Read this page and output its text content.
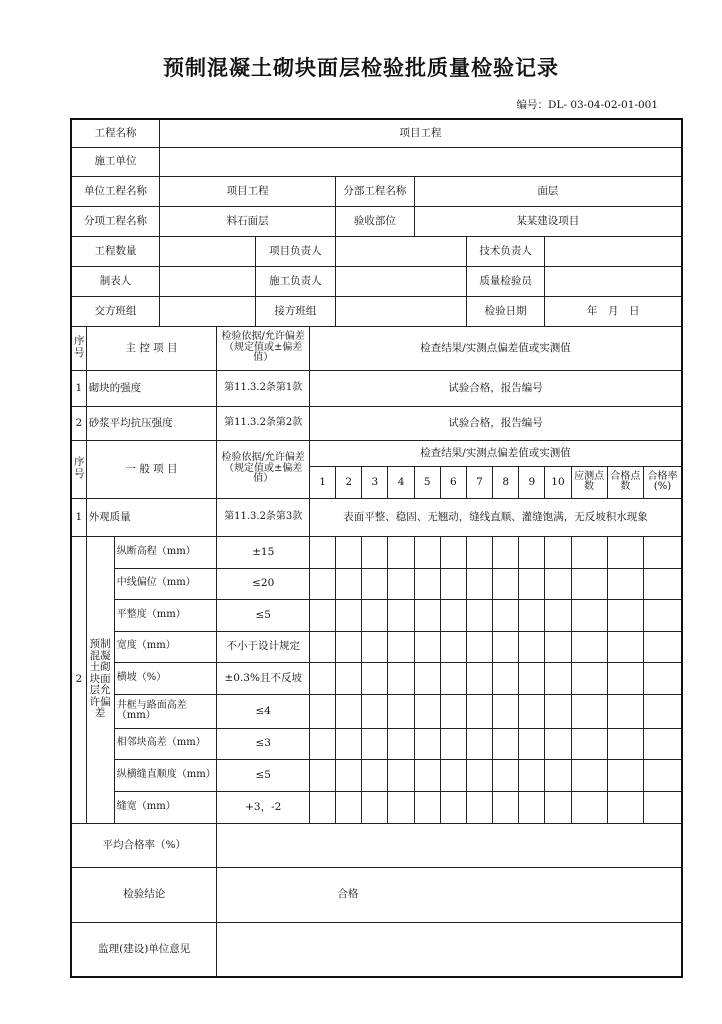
预制混凝土砌块面层检验批质量检验记录
编号：DL- 03-04-02-01-001
工程名称			项目工程															
施工单位																		
单位工程名称			项目工程				分部工程名称			面层								
分项工程名称			料石面层				验收部位			某某建设项目								
工程数量					项目负责人							技术负责人						
制表人					施工负责人							质量检验员						
交方班组					接方班组							检验日期			年　月　日			
序号	主 控 项 目			检验依据/允许偏差（规定值或±偏差值）		检查结果/实测点偏差值或实测值												
1	砌块的强度			第11.3.2条第1款		试验合格，报告编号												
2	砂浆平均抗压强度			第11.3.2条第2款		试验合格，报告编号												
序号	一 般 项 目			检验依据/允许偏差（规定值或±偏差值）		检查结果/实测点偏差值或实测值												
						1	2	3	4	5	6	7	8	9	10	应测点数	合格点数	合格率(%)
1	外观质量			第11.3.2条第3款		表面平整、稳固、无翘动，缝线直顺、灌缝饱满，无反坡积水现象												
2	预制混凝土砌块面层允许偏差	纵断高程（mm）		±15														
		中线偏位（mm）		≤20														
		平整度（mm）		≤5														
		宽度（mm）		不小于设计规定														
		横坡（%）		±0.3%且不反坡														
		井框与路面高差（mm）		≤4														
		相邻块高差（mm）		≤3														
		纵横缝直顺度（mm）		≤5														
		缝宽（mm）		+3，-2														
平均合格率（%）																		
检验结论				合格														
监理(建设)单位意见																		
